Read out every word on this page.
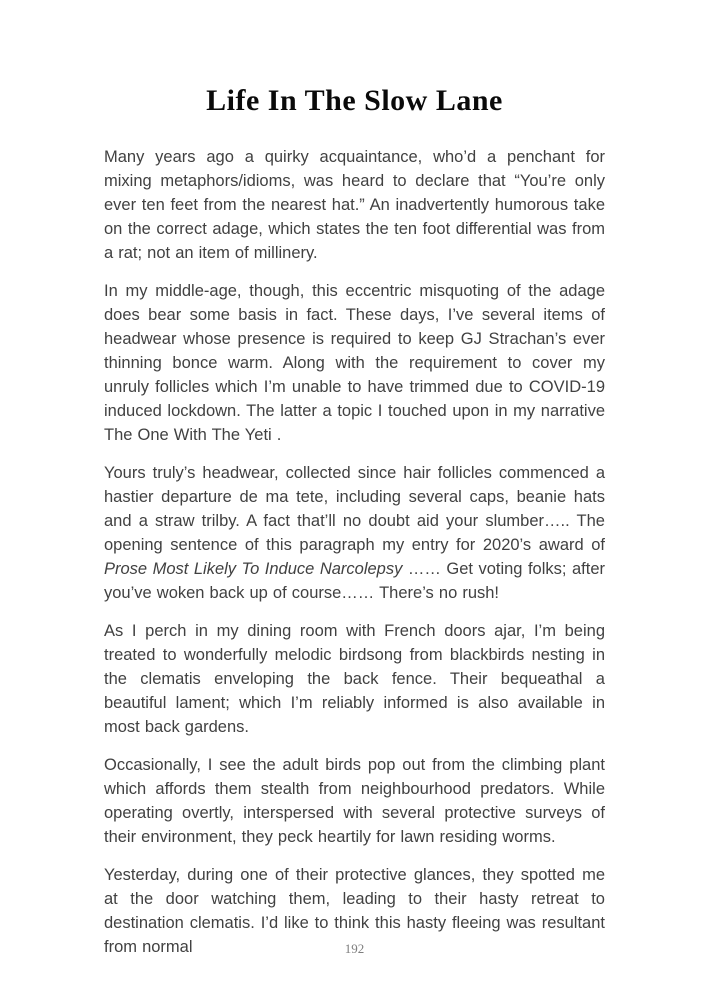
Life In The Slow Lane

Many years ago a quirky acquaintance, who’d a penchant for mixing metaphors/idioms, was heard to declare that “You’re only ever ten feet from the nearest hat.” An inadvertently humorous take on the correct adage, which states the ten foot differential was from a rat; not an item of millinery.

In my middle-age, though, this eccentric misquoting of the adage does bear some basis in fact. These days, I’ve several items of headwear whose presence is required to keep GJ Strachan’s ever thinning bonce warm. Along with the requirement to cover my unruly follicles which I’m unable to have trimmed due to COVID-19 induced lockdown. The latter a topic I touched upon in my narrative The One With The Yeti .

Yours truly’s headwear, collected since hair follicles commenced a hastier departure de ma tete, including several caps, beanie hats and a straw trilby. A fact that’ll no doubt aid your slumber….. The opening sentence of this paragraph my entry for 2020’s award of Prose Most Likely To Induce Narcolepsy …… Get voting folks; after you’ve woken back up of course…… There’s no rush!

As I perch in my dining room with French doors ajar, I’m being treated to wonderfully melodic birdsong from blackbirds nesting in the clematis enveloping the back fence. Their bequeathal a beautiful lament; which I’m reliably informed is also available in most back gardens.

Occasionally, I see the adult birds pop out from the climbing plant which affords them stealth from neighbourhood predators. While operating overtly, interspersed with several protective surveys of their environment, they peck heartily for lawn residing worms.

Yesterday, during one of their protective glances, they spotted me at the door watching them, leading to their hasty retreat to destination clematis. I’d like to think this hasty fleeing was resultant from normal	192
